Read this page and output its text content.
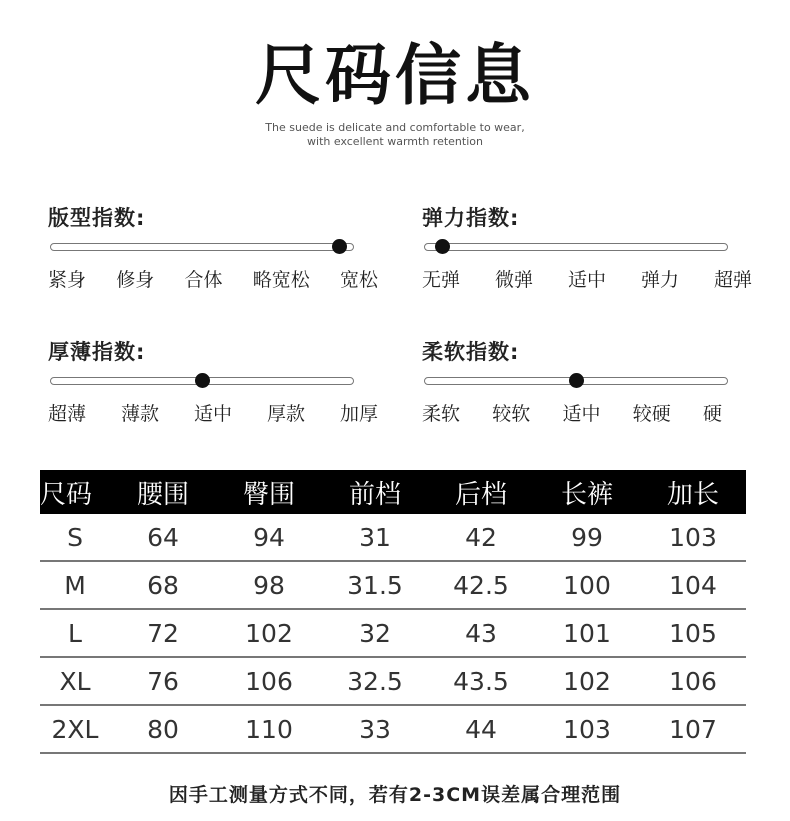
尺码信息
The suede is delicate and comfortable to wear,
with excellent warmth retention
版型指数:
紧身 修身 合体 略宽松 宽松
弹力指数:
无弹 微弹 适中 弹力 超弹
厚薄指数:
超薄 薄款 适中 厚款 加厚
柔软指数:
柔软 较软 适中 较硬 硬
尺码	腰围	臀围	前档	后档	长裤	加长
S	64	94	31	42	99	103
M	68	98	31.5	42.5	100	104
L	72	102	32	43	101	105
XL	76	106	32.5	43.5	102	106
2XL	80	110	33	44	103	107
因手工测量方式不同，若有2-3CM误差属合理范围
